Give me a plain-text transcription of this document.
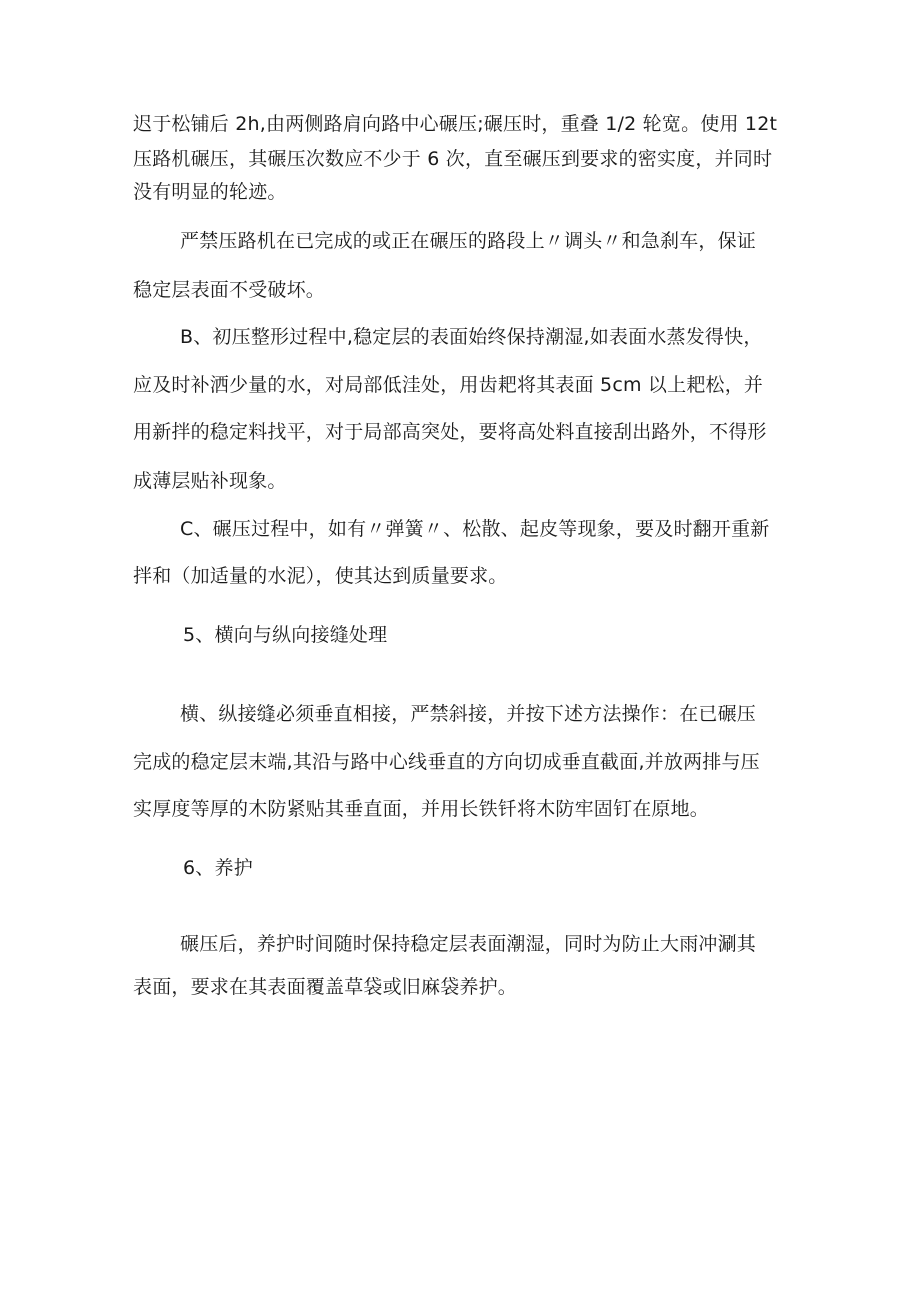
迟于松铺后 2h,由两侧路肩向路中心碾压;碾压时，重叠 1/2 轮宽。使用 12t
压路机碾压，其碾压次数应不少于 6 次，直至碾压到要求的密实度，并同时
没有明显的轮迹。
严禁压路机在已完成的或正在碾压的路段上〃调头〃和急刹车，保证
稳定层表面不受破坏。
B、初压整形过程中,稳定层的表面始终保持潮湿,如表面水蒸发得快，
应及时补洒少量的水，对局部低洼处，用齿耙将其表面 5cm 以上耙松，并
用新拌的稳定料找平，对于局部高突处，要将高处料直接刮出路外，不得形
成薄层贴补现象。
C、碾压过程中，如有〃弹簧〃、松散、起皮等现象，要及时翻开重新
拌和（加适量的水泥），使其达到质量要求。
5、横向与纵向接缝处理
横、纵接缝必须垂直相接，严禁斜接，并按下述方法操作：在已碾压
完成的稳定层末端,其沿与路中心线垂直的方向切成垂直截面,并放两排与压
实厚度等厚的木防紧贴其垂直面，并用长铁钎将木防牢固钉在原地。
6、养护
碾压后，养护时间随时保持稳定层表面潮湿，同时为防止大雨冲涮其
表面，要求在其表面覆盖草袋或旧麻袋养护。
